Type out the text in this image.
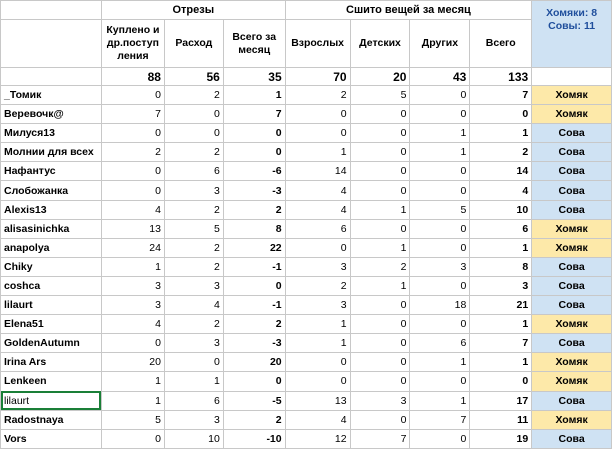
	Отрезы			Сшито вещей за месяц				Хомяки: 8 Совы: 11
	Куплено и др.поступ ления	Расход	Всего за месяц	Взрослых	Детских	Других	Всего	
	88	56	35	70	20	43	133	
_Томик	0	2	1	2	5	0	7	Хомяк
Веревочк@	7	0	7	0	0	0	0	Хомяк
Милуся13	0	0	0	0	0	1	1	Сова
Молнии для всех	2	2	0	1	0	1	2	Сова
Нафантус	0	6	-6	14	0	0	14	Сова
Слобожанка	0	3	-3	4	0	0	4	Сова
Alexis13	4	2	2	4	1	5	10	Сова
alisasinichka	13	5	8	6	0	0	6	Хомяк
anapolya	24	2	22	0	1	0	1	Хомяк
Chiky	1	2	-1	3	2	3	8	Сова
coshca	3	3	0	2	1	0	3	Сова
lilaurt	3	4	-1	3	0	18	21	Сова
Elena51	4	2	2	1	0	0	1	Хомяк
GoldenAutumn	0	3	-3	1	0	6	7	Сова
Irina Ars	20	0	20	0	0	1	1	Хомяк
Lenkeen	1	1	0	0	0	0	0	Хомяк
lilaurt	1	6	-5	13	3	1	17	Сова
Radostnaya	5	3	2	4	0	7	11	Хомяк
Vors	0	10	-10	12	7	0	19	Сова
